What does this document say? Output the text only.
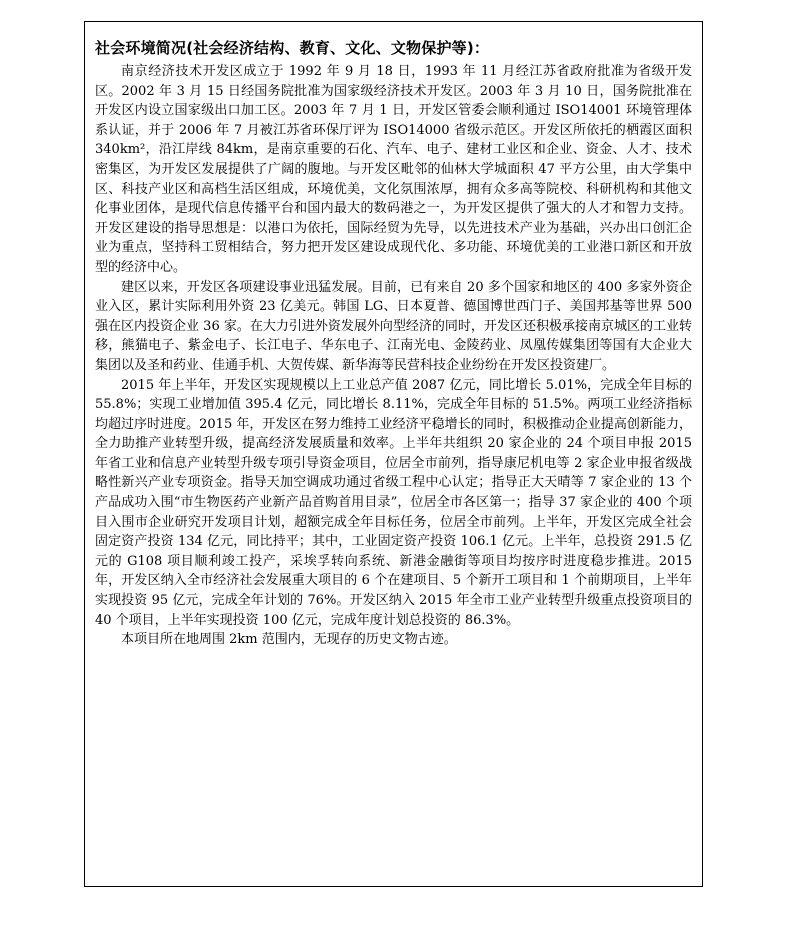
社会环境简况(社会经济结构、教育、文化、文物保护等)：

南京经济技术开发区成立于 1992 年 9 月 18 日，1993 年 11 月经江苏省政府批准为省级开发区。2002 年 3 月 15 日经国务院批准为国家级经济技术开发区。2003 年 3 月 10 日，国务院批准在开发区内设立国家级出口加工区。2003 年 7 月 1 日，开发区管委会顺利通过 ISO14001 环境管理体系认证，并于 2006 年 7 月被江苏省环保厅评为 ISO14000 省级示范区。开发区所依托的栖霞区面积 340km²，沿江岸线 84km，是南京重要的石化、汽车、电子、建材工业区和企业、资金、人才、技术密集区，为开发区发展提供了广阔的腹地。与开发区毗邻的仙林大学城面积 47 平方公里，由大学集中区、科技产业区和高档生活区组成，环境优美，文化氛围浓厚，拥有众多高等院校、科研机构和其他文化事业团体，是现代信息传播平台和国内最大的数码港之一，为开发区提供了强大的人才和智力支持。开发区建设的指导思想是：以港口为依托，国际经贸为先导，以先进技术产业为基础，兴办出口创汇企业为重点，坚持科工贸相结合，努力把开发区建设成现代化、多功能、环境优美的工业港口新区和开放型的经济中心。

建区以来，开发区各项建设事业迅猛发展。目前，已有来自 20 多个国家和地区的 400 多家外资企业入区，累计实际利用外资 23 亿美元。韩国 LG、日本夏普、德国博世西门子、美国邦基等世界 500 强在区内投资企业 36 家。在大力引进外资发展外向型经济的同时，开发区还积极承接南京城区的工业转移，熊猫电子、紫金电子、长江电子、华东电子、江南光电、金陵药业、凤凰传媒集团等国有大企业大集团以及圣和药业、佳通手机、大贺传媒、新华海等民营科技企业纷纷在开发区投资建厂。

2015 年上半年，开发区实现规模以上工业总产值 2087 亿元，同比增长 5.01%，完成全年目标的 55.8%；实现工业增加值 395.4 亿元，同比增长 8.11%，完成全年目标的 51.5%。两项工业经济指标均超过序时进度。2015 年，开发区在努力维持工业经济平稳增长的同时，积极推动企业提高创新能力，全力助推产业转型升级，提高经济发展质量和效率。上半年共组织 20 家企业的 24 个项目申报 2015 年省工业和信息产业转型升级专项引导资金项目，位居全市前列，指导康尼机电等 2 家企业申报省级战略性新兴产业专项资金。指导天加空调成功通过省级工程中心认定；指导正大天晴等 7 家企业的 13 个产品成功入围“市生物医药产业新产品首购首用目录”，位居全市各区第一；指导 37 家企业的 400 个项目入围市企业研究开发项目计划，超额完成全年目标任务，位居全市前列。上半年，开发区完成全社会固定资产投资 134 亿元，同比持平；其中，工业固定资产投资 106.1 亿元。上半年，总投资 291.5 亿元的 G108 项目顺利竣工投产，采埃孚转向系统、新港金融街等项目均按序时进度稳步推进。2015 年，开发区纳入全市经济社会发展重大项目的 6 个在建项目、5 个新开工项目和 1 个前期项目，上半年实现投资 95 亿元，完成全年计划的 76%。开发区纳入 2015 年全市工业产业转型升级重点投资项目的 40 个项目，上半年实现投资 100 亿元，完成年度计划总投资的 86.3%。

本项目所在地周围 2km 范围内，无现存的历史文物古迹。
